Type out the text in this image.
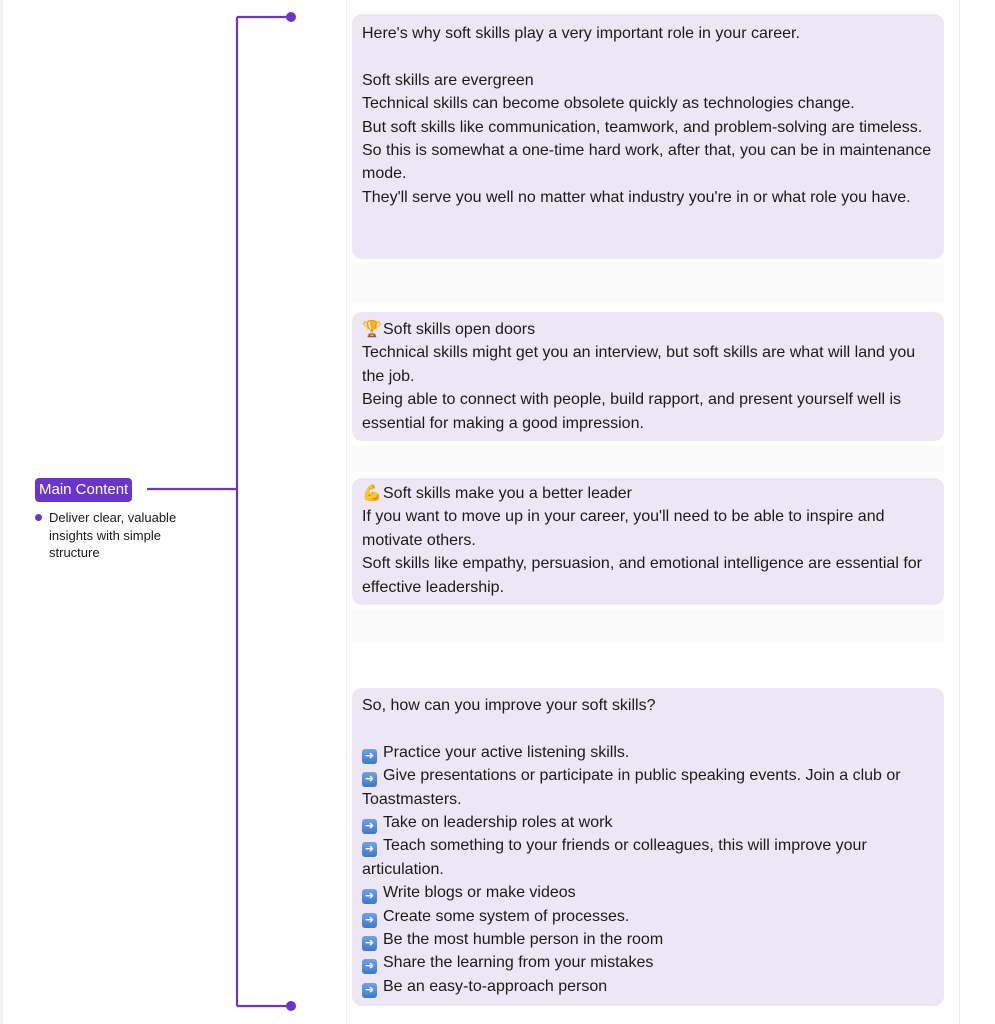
Main Content
Deliver clear, valuable insights with simple structure
Here's why soft skills play a very important role in your career.
Soft skills are evergreen
Technical skills can become obsolete quickly as technologies change.
But soft skills like communication, teamwork, and problem-solving are timeless.
So this is somewhat a one-time hard work, after that, you can be in maintenance mode.
They'll serve you well no matter what industry you're in or what role you have.
🏆Soft skills open doors
Technical skills might get you an interview, but soft skills are what will land you the job.
Being able to connect with people, build rapport, and present yourself well is essential for making a good impression.
💪Soft skills make you a better leader
If you want to move up in your career, you'll need to be able to inspire and motivate others.
Soft skills like empathy, persuasion, and emotional intelligence are essential for effective leadership.
So, how can you improve your soft skills?
➜ Practice your active listening skills.
➜ Give presentations or participate in public speaking events. Join a club or Toastmasters.
➜ Take on leadership roles at work
➜ Teach something to your friends or colleagues, this will improve your articulation.
➜ Write blogs or make videos
➜ Create some system of processes.
➜ Be the most humble person in the room
➜ Share the learning from your mistakes
➜ Be an easy-to-approach person
